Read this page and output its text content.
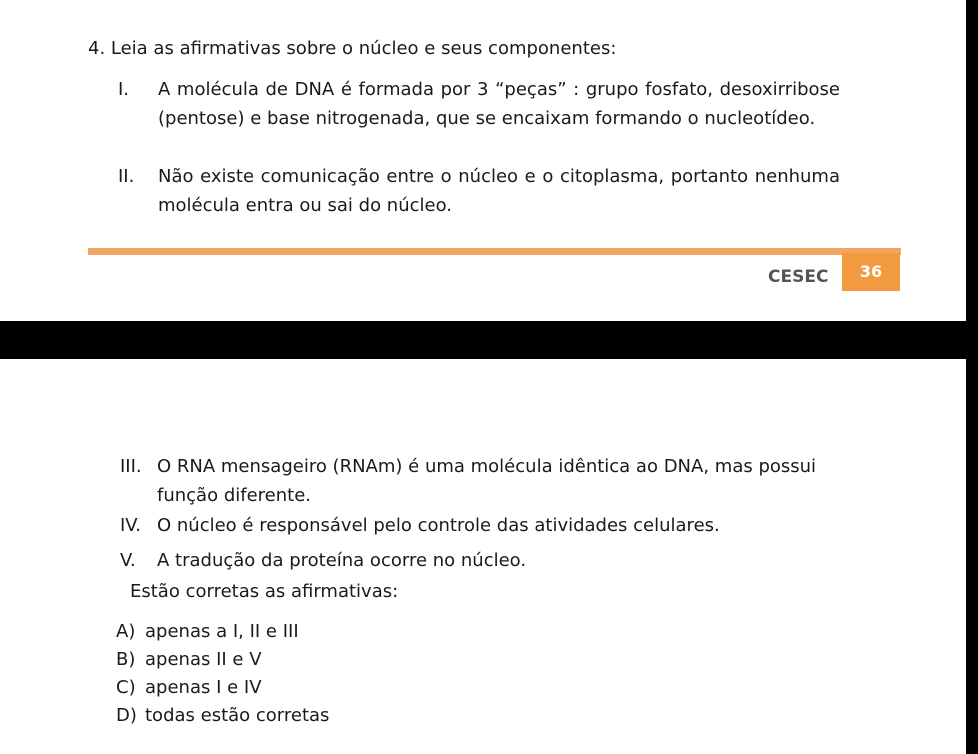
4. Leia as afirmativas sobre o núcleo e seus componentes:
I. A molécula de DNA é formada por 3 “peças” : grupo fosfato, desoxirribose (pentose) e base nitrogenada, que se encaixam formando o nucleotídeo.
II. Não existe comunicação entre o núcleo e o citoplasma, portanto nenhuma molécula entra ou sai do núcleo.
CESEC	36
III. O RNA mensageiro (RNAm) é uma molécula idêntica ao DNA, mas possui função diferente.
IV. O núcleo é responsável pelo controle das atividades celulares.
V. A tradução da proteína ocorre no núcleo.
Estão corretas as afirmativas:
A) apenas a I, II e III
B) apenas II e V
C) apenas I e IV
D) todas estão corretas
